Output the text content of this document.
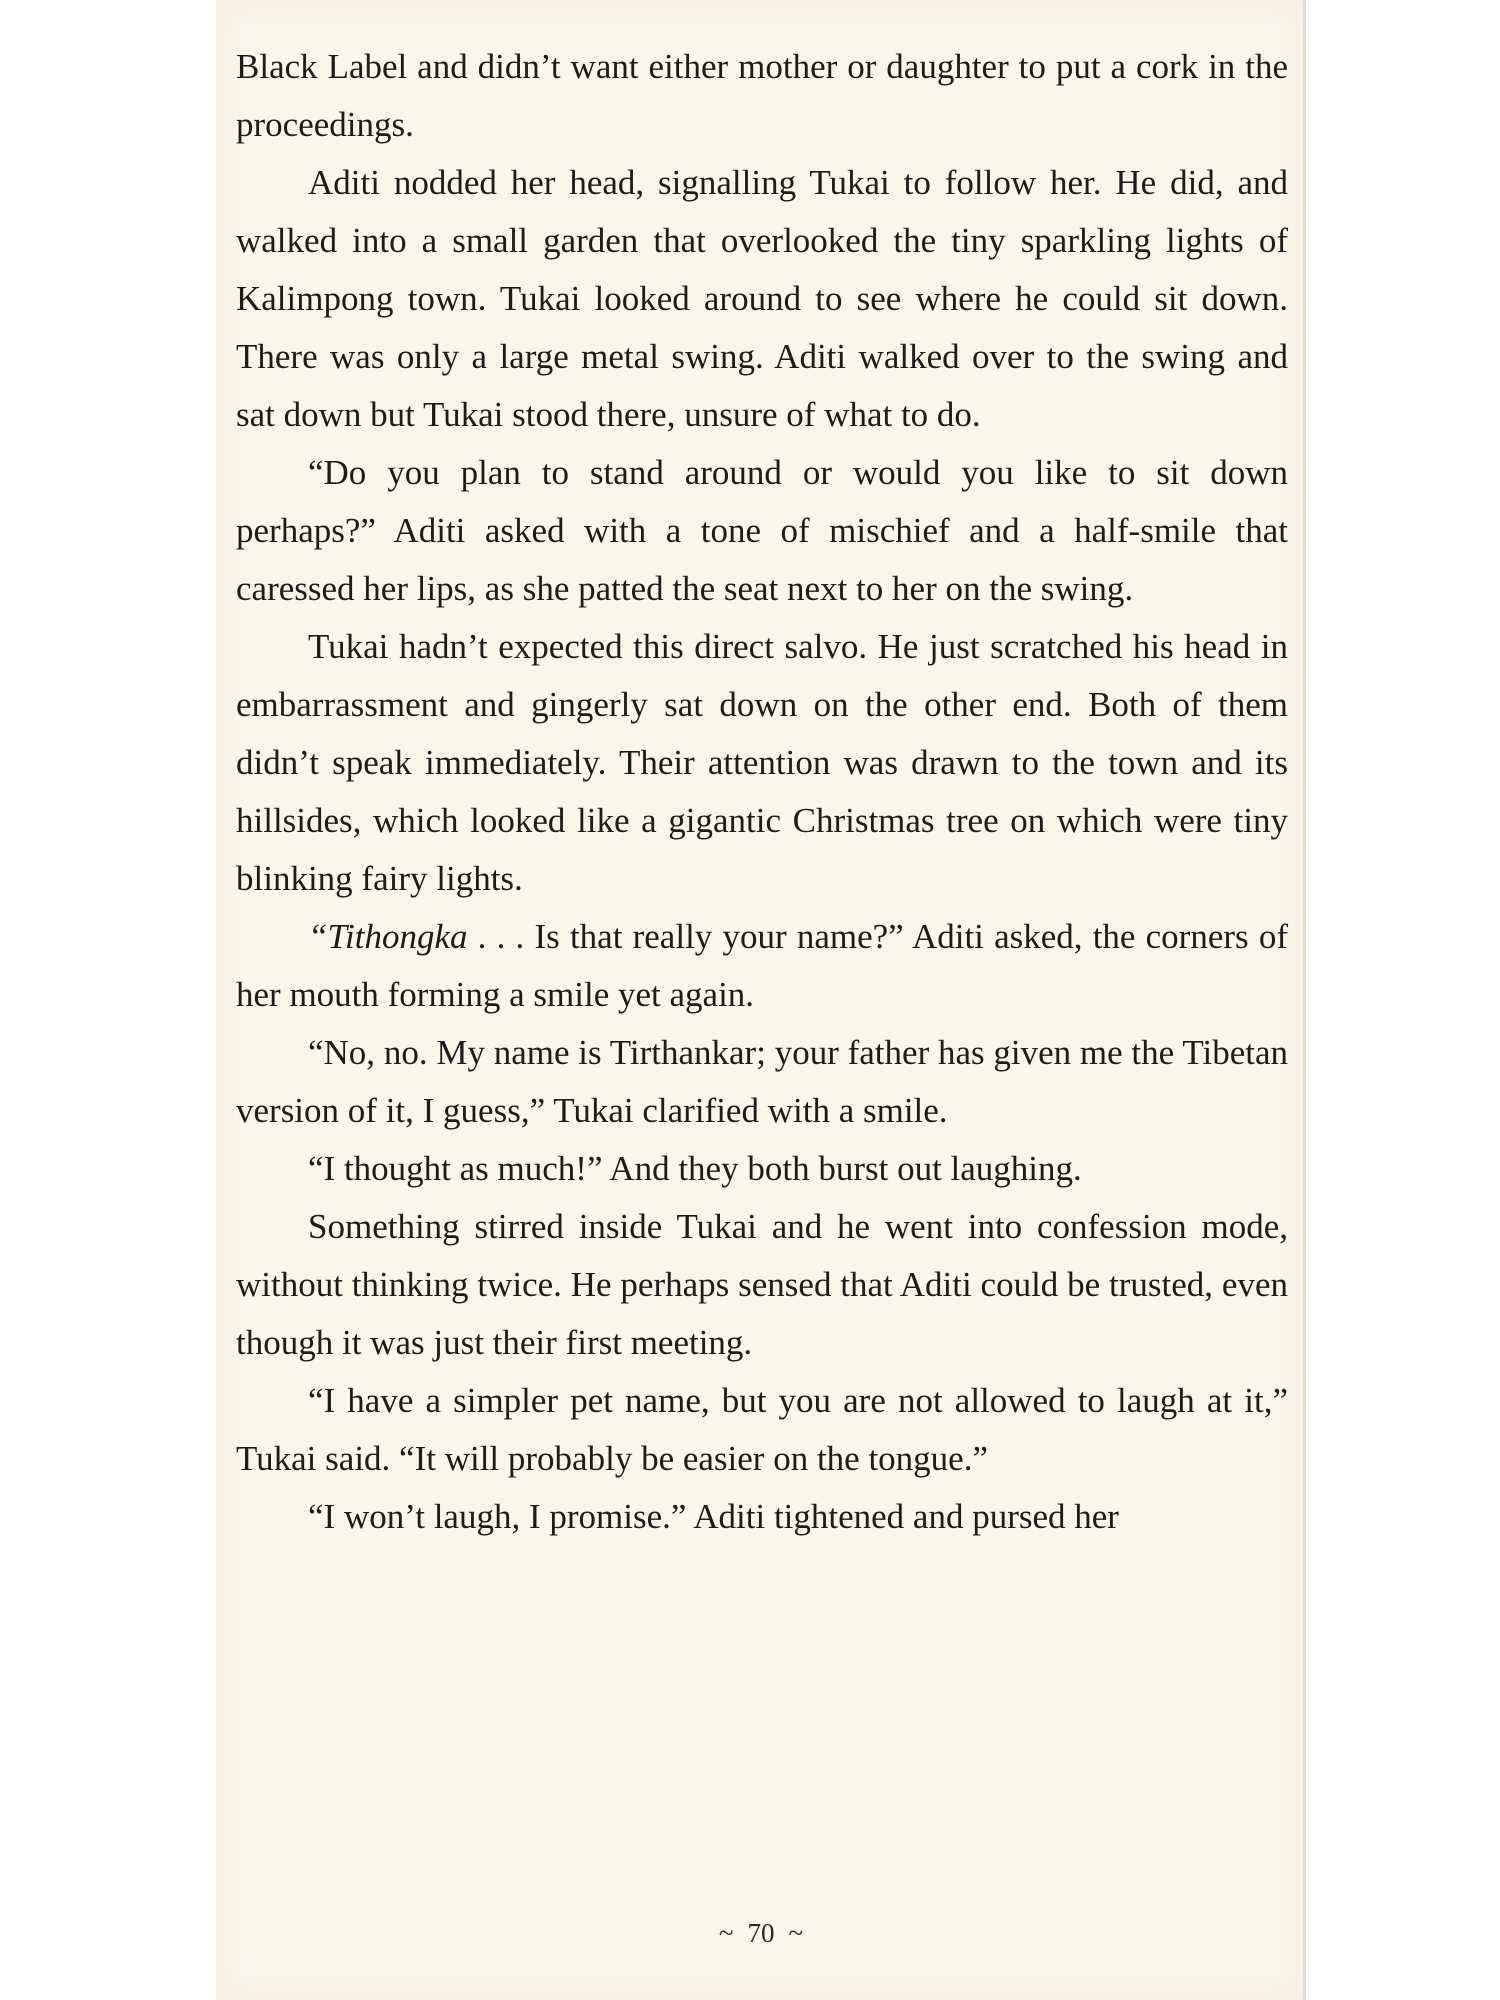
Black Label and didn’t want either mother or daughter to put a cork in the proceedings.

Aditi nodded her head, signalling Tukai to follow her. He did, and walked into a small garden that overlooked the tiny sparkling lights of Kalimpong town. Tukai looked around to see where he could sit down. There was only a large metal swing. Aditi walked over to the swing and sat down but Tukai stood there, unsure of what to do.

“Do you plan to stand around or would you like to sit down perhaps?” Aditi asked with a tone of mischief and a half-smile that caressed her lips, as she patted the seat next to her on the swing.

Tukai hadn’t expected this direct salvo. He just scratched his head in embarrassment and gingerly sat down on the other end. Both of them didn’t speak immediately. Their attention was drawn to the town and its hillsides, which looked like a gigantic Christmas tree on which were tiny blinking fairy lights.

“Tithongka . . . Is that really your name?” Aditi asked, the corners of her mouth forming a smile yet again.

“No, no. My name is Tirthankar; your father has given me the Tibetan version of it, I guess,” Tukai clarified with a smile.

“I thought as much!” And they both burst out laughing.

Something stirred inside Tukai and he went into confession mode, without thinking twice. He perhaps sensed that Aditi could be trusted, even though it was just their first meeting.

“I have a simpler pet name, but you are not allowed to laugh at it,” Tukai said. “It will probably be easier on the tongue.”

“I won’t laugh, I promise.” Aditi tightened and pursed her

~ 70 ~
